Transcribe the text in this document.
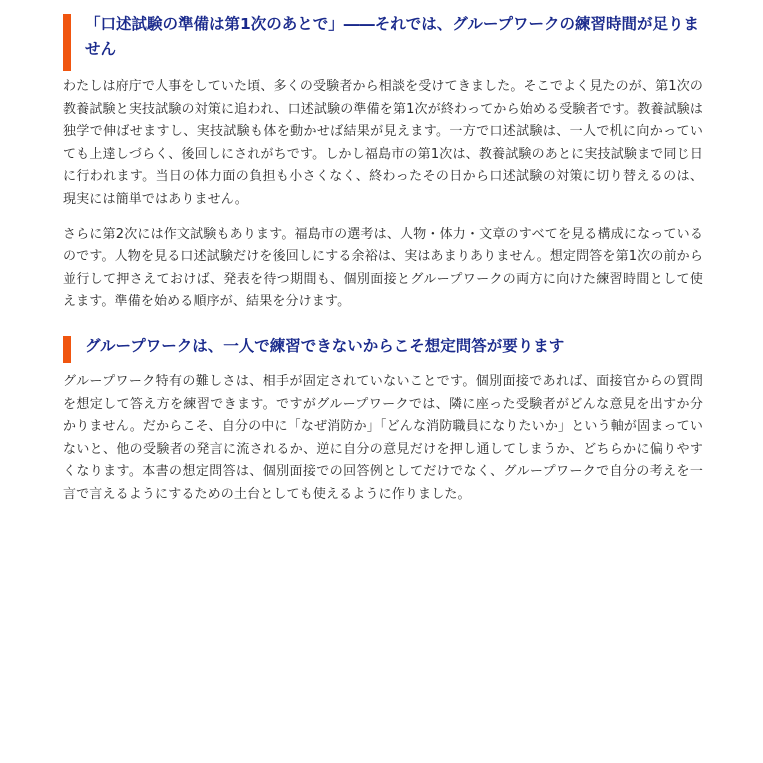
「口述試験の準備は第1次のあとで」――それでは、グループワークの練習時間が足りません

わたしは府庁で人事をしていた頃、多くの受験者から相談を受けてきました。そこでよく見たのが、第1次の教養試験と実技試験の対策に追われ、口述試験の準備を第1次が終わってから始める受験者です。教養試験は独学で伸ばせますし、実技試験も体を動かせば結果が見えます。一方で口述試験は、一人で机に向かっていても上達しづらく、後回しにされがちです。しかし福島市の第1次は、教養試験のあとに実技試験まで同じ日に行われます。当日の体力面の負担も小さくなく、終わったその日から口述試験の対策に切り替えるのは、現実には簡単ではありません。

さらに第2次には作文試験もあります。福島市の選考は、人物・体力・文章のすべてを見る構成になっているのです。人物を見る口述試験だけを後回しにする余裕は、実はあまりありません。想定問答を第1次の前から並行して押さえておけば、発表を待つ期間も、個別面接とグループワークの両方に向けた練習時間として使えます。準備を始める順序が、結果を分けます。

グループワークは、一人で練習できないからこそ想定問答が要ります

グループワーク特有の難しさは、相手が固定されていないことです。個別面接であれば、面接官からの質問を想定して答え方を練習できます。ですがグループワークでは、隣に座った受験者がどんな意見を出すか分かりません。だからこそ、自分の中に「なぜ消防か」「どんな消防職員になりたいか」という軸が固まっていないと、他の受験者の発言に流されるか、逆に自分の意見だけを押し通してしまうか、どちらかに偏りやすくなります。本書の想定問答は、個別面接での回答例としてだけでなく、グループワークで自分の考えを一言で言えるようにするための土台としても使えるように作りました。
